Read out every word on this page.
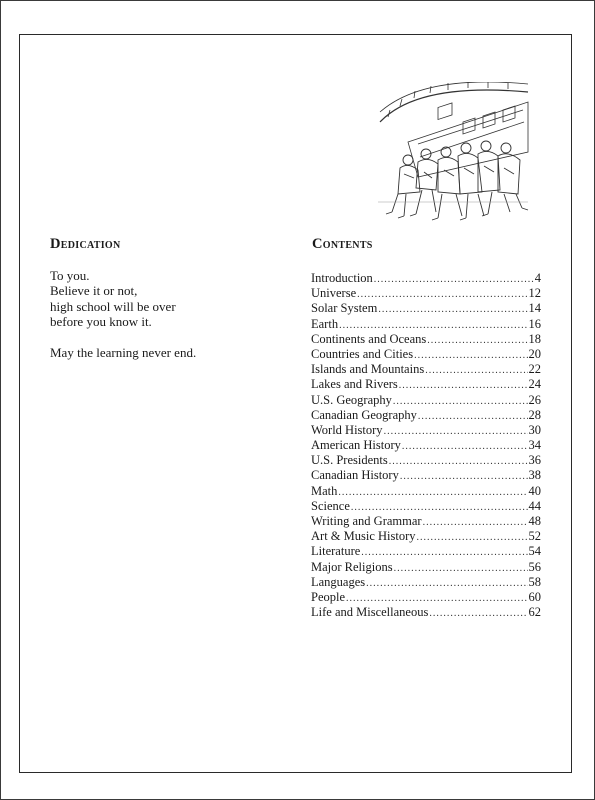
Dedication
To you.
Believe it or not,
high school will be over
before you know it.
May the learning never end.
Contents
Introduction .....	4
Universe .....	12
Solar System .....	14
Earth .....	16
Continents and Oceans .....	18
Countries and Cities .....	20
Islands and Mountains .....	22
Lakes and Rivers .....	24
U.S. Geography .....	26
Canadian Geography .....	28
World History .....	30
American History .....	34
U.S. Presidents .....	36
Canadian History .....	38
Math .....	40
Science .....	44
Writing and Grammar .....	48
Art & Music History .....	52
Literature .....	54
Major Religions .....	56
Languages .....	58
People .....	60
Life and Miscellaneous .....	62
